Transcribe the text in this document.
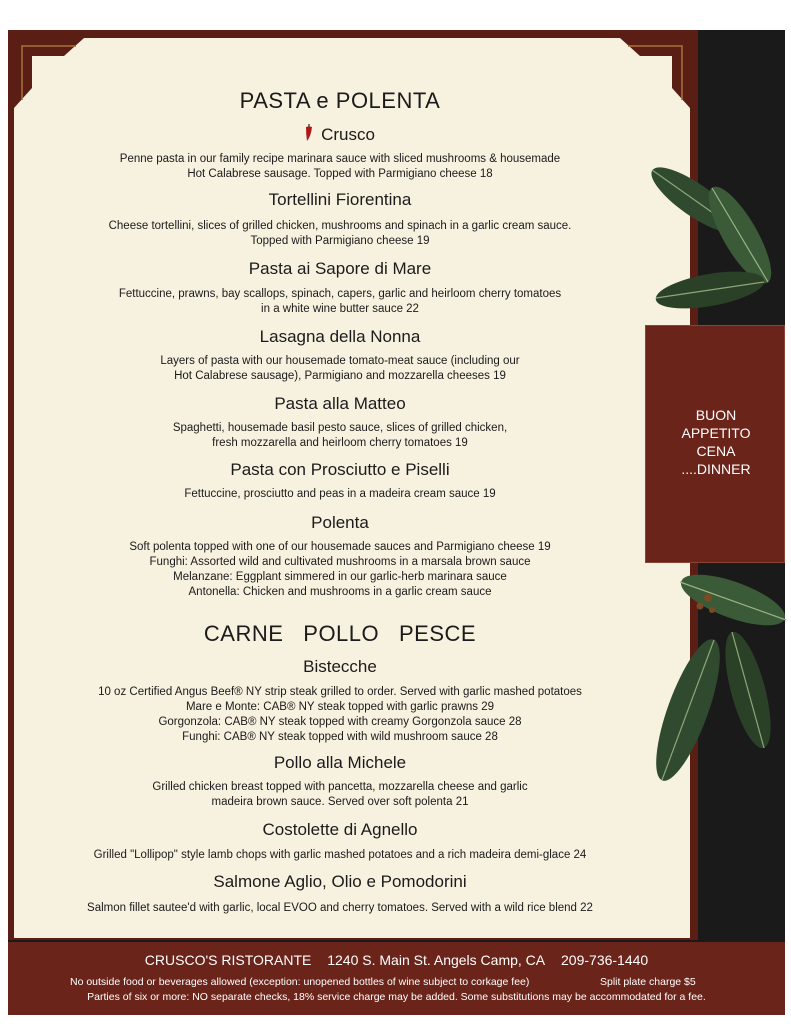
BUON
APPETITO
CENA
....DINNER
PASTA e POLENTA
Crusco
Penne pasta in our family recipe marinara sauce with sliced mushrooms & housemade
Hot Calabrese sausage. Topped with Parmigiano cheese 18
Tortellini Fiorentina
Cheese tortellini, slices of grilled chicken, mushrooms and spinach in a garlic cream sauce.
Topped with Parmigiano cheese 19
Pasta ai Sapore di Mare
Fettuccine, prawns, bay scallops, spinach, capers, garlic and heirloom cherry tomatoes
in a white wine butter sauce 22
Lasagna della Nonna
Layers of pasta with our housemade tomato-meat sauce (including our
Hot Calabrese sausage), Parmigiano and mozzarella cheeses 19
Pasta alla Matteo
Spaghetti, housemade basil pesto sauce, slices of grilled chicken,
fresh mozzarella and heirloom cherry tomatoes 19
Pasta con Prosciutto e Piselli
Fettuccine, prosciutto and peas in a madeira cream sauce 19
Polenta
Soft polenta topped with one of our housemade sauces and Parmigiano cheese 19
Funghi: Assorted wild and cultivated mushrooms in a marsala brown sauce
Melanzane: Eggplant simmered in our garlic-herb marinara sauce
Antonella: Chicken and mushrooms in a garlic cream sauce
CARNE   POLLO   PESCE
Bistecche
10 oz Certified Angus Beef® NY strip steak grilled to order. Served with garlic mashed potatoes
Mare e Monte: CAB® NY steak topped with garlic prawns 29
Gorgonzola: CAB® NY steak topped with creamy Gorgonzola sauce 28
Funghi: CAB® NY steak topped with wild mushroom sauce 28
Pollo alla Michele
Grilled chicken breast topped with pancetta, mozzarella cheese and garlic
madeira brown sauce. Served over soft polenta 21
Costolette di Agnello
Grilled "Lollipop" style lamb chops with garlic mashed potatoes and a rich madeira demi-glace 24
Salmone Aglio, Olio e Pomodorini
Salmon fillet sautee'd with garlic, local EVOO and cherry tomatoes. Served with a wild rice blend 22
CRUSCO'S RISTORANTE 1240 S. Main St. Angels Camp, CA 209-736-1440
No outside food or beverages allowed (exception: unopened bottles of wine subject to corkage fee)	Split plate charge $5
Parties of six or more: NO separate checks, 18% service charge may be added. Some substitutions may be accommodated for a fee.
